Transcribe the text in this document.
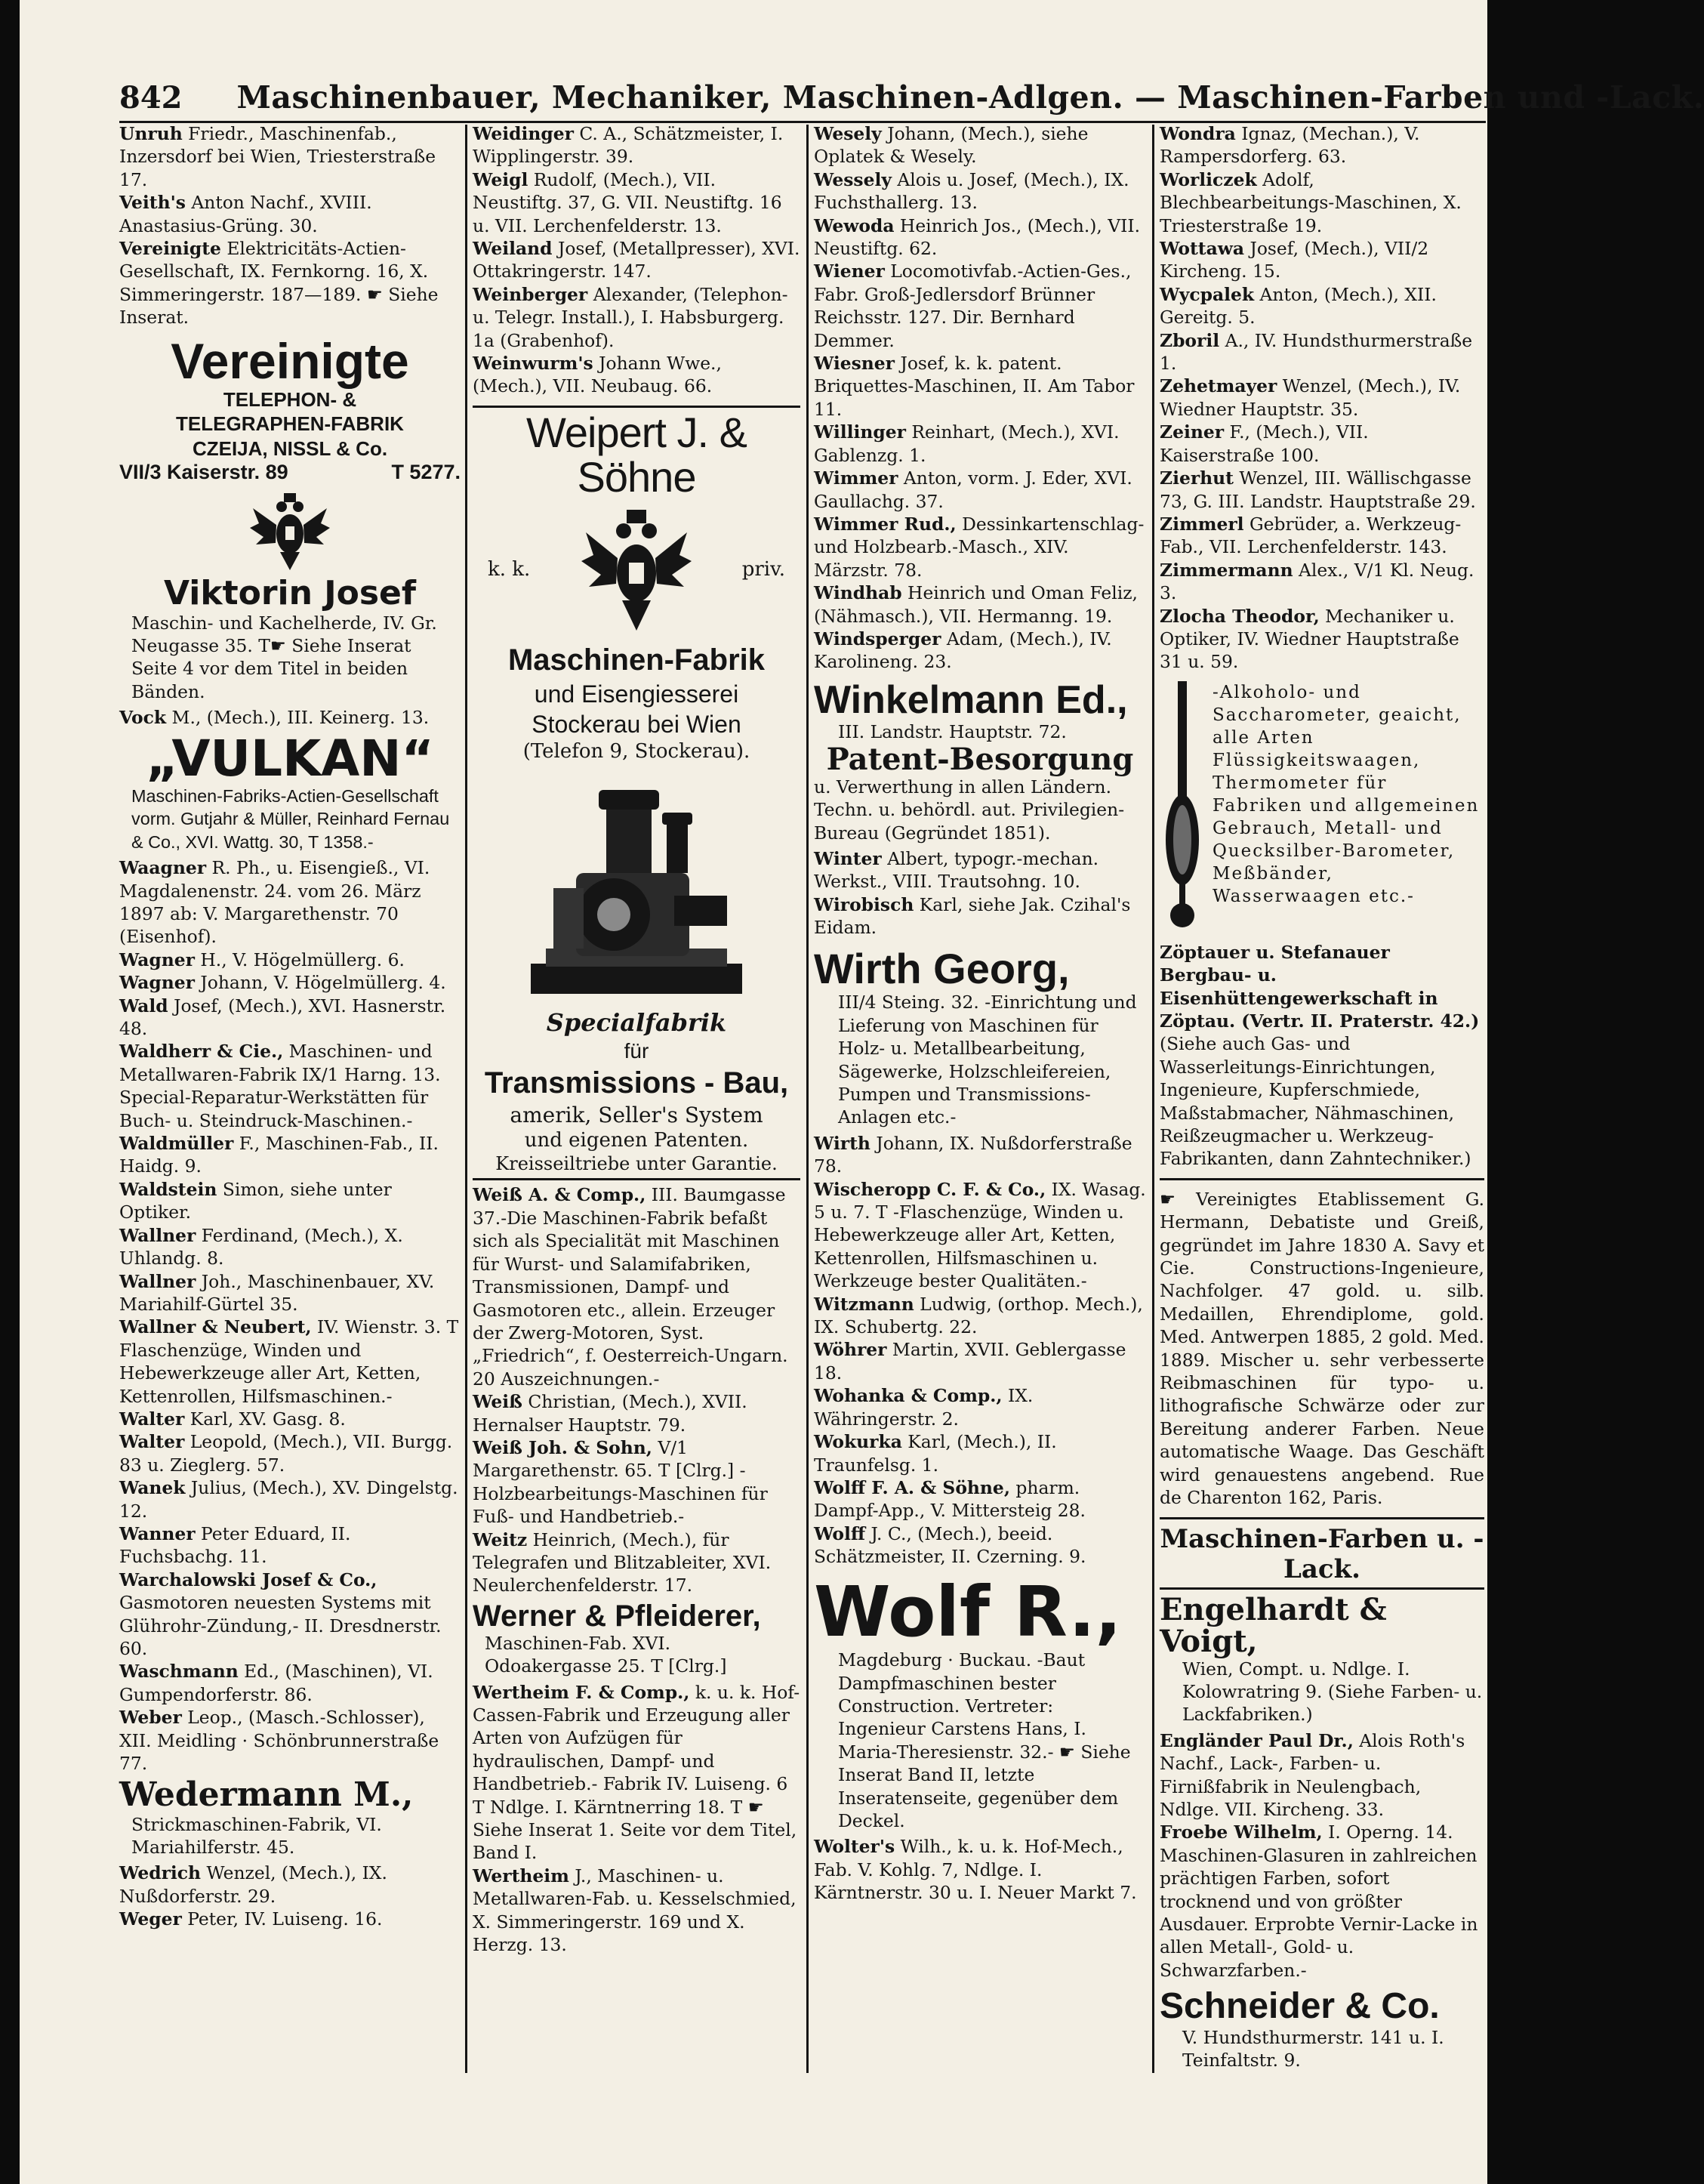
842 Maschinenbauer, Mechaniker, Maschinen-Adlgen. — Maschinen-Farben und -Lack.

Unruh Friedr., Maschinenfab., Inzersdorf bei Wien, Triesterstraße 17.

Veith's Anton Nachf., XVIII. Anastasius-Grüng. 30.

Vereinigte Elektricitäts-Actien-Gesellschaft, IX. Fernkorng. 16, X. Simmeringerstr. 187—189. ☛ Siehe Inserat.

Vereinigte
TELEPHON- &
TELEGRAPHEN-FABRIK
CZEIJA, NISSL & Co.
VII/3 Kaiserstr. 89	T 5277.
Viktorin Josef

Maschin- und Kachelherde, IV. Gr. Neugasse 35. T☛ Siehe Inserat Seite 4 vor dem Titel in beiden Bänden.

Vock M., (Mech.), III. Keinerg. 13.

„VULKAN“

Maschinen-Fabriks-Actien-Gesellschaft vorm. Gutjahr & Müller, Reinhard Fernau & Co., XVI. Wattg. 30, T 1358.-

Waagner R. Ph., u. Eisengieß., VI. Magdalenenstr. 24. vom 26. März 1897 ab: V. Margarethenstr. 70 (Eisenhof).

Wagner H., V. Högelmüllerg. 6.

Wagner Johann, V. Högelmüllerg. 4.

Wald Josef, (Mech.), XVI. Hasnerstr. 48.

Waldherr & Cie., Maschinen- und Metallwaren-Fabrik IX/1 Harng. 13. Special-Reparatur-Werkstätten für Buch- u. Steindruck-Maschinen.-

Waldmüller F., Maschinen-Fab., II. Haidg. 9.

Waldstein Simon, siehe unter Optiker.

Wallner Ferdinand, (Mech.), X. Uhlandg. 8.

Wallner Joh., Maschinenbauer, XV. Mariahilf-Gürtel 35.

Wallner & Neubert, IV. Wienstr. 3. T Flaschenzüge, Winden und Hebewerkzeuge aller Art, Ketten, Kettenrollen, Hilfsmaschinen.-

Walter Karl, XV. Gasg. 8.

Walter Leopold, (Mech.), VII. Burgg. 83 u. Zieglerg. 57.

Wanek Julius, (Mech.), XV. Dingelstg. 12.

Wanner Peter Eduard, II. Fuchsbachg. 11.

Warchalowski Josef & Co., Gasmotoren neuesten Systems mit Glührohr-Zündung,- II. Dresdnerstr. 60.

Waschmann Ed., (Maschinen), VI. Gumpendorferstr. 86.

Weber Leop., (Masch.-Schlosser), XII. Meidling · Schönbrunnerstraße 77.

Wedermann M.,

Strickmaschinen-Fabrik, VI. Mariahilferstr. 45.

Wedrich Wenzel, (Mech.), IX. Nußdorferstr. 29.

Weger Peter, IV. Luiseng. 16.

Weidinger C. A., Schätzmeister, I. Wipplingerstr. 39.

Weigl Rudolf, (Mech.), VII. Neustiftg. 37, G. VII. Neustiftg. 16 u. VII. Lerchenfelderstr. 13.

Weiland Josef, (Metallpresser), XVI. Ottakringerstr. 147.

Weinberger Alexander, (Telephon- u. Telegr. Install.), I. Habsburgerg. 1a (Grabenhof).

Weinwurm's Johann Wwe., (Mech.), VII. Neubaug. 66.

Weipert J. & Söhne
k. k.	priv.
Maschinen-Fabrik
und Eisengiesserei
Stockerau bei Wien
(Telefon 9, Stockerau).
Specialfabrik
für
Transmissions - Bau,
amerik, Seller's System
und eigenen Patenten.
Kreisseiltriebe unter Garantie.

Weiß A. & Comp., III. Baumgasse 37.-Die Maschinen-Fabrik befaßt sich als Specialität mit Maschinen für Wurst- und Salamifabriken, Transmissionen, Dampf- und Gasmotoren etc., allein. Erzeuger der Zwerg-Motoren, Syst. „Friedrich“, f. Oesterreich-Ungarn. 20 Auszeichnungen.-

Weiß Christian, (Mech.), XVII. Hernalser Hauptstr. 79.

Weiß Joh. & Sohn, V/1 Margarethenstr. 65. T [Clrg.] -Holzbearbeitungs-Maschinen für Fuß- und Handbetrieb.-

Weitz Heinrich, (Mech.), für Telegrafen und Blitzableiter, XVI. Neulerchenfelderstr. 17.

Werner & Pfleiderer,

Maschinen-Fab. XVI. Odoakergasse 25. T [Clrg.]

Wertheim F. & Comp., k. u. k. Hof-Cassen-Fabrik und Erzeugung aller Arten von Aufzügen für hydraulischen, Dampf- und Handbetrieb.- Fabrik IV. Luiseng. 6 T Ndlge. I. Kärntnerring 18. T ☛ Siehe Inserat 1. Seite vor dem Titel, Band I.

Wertheim J., Maschinen- u. Metallwaren-Fab. u. Kesselschmied, X. Simmeringerstr. 169 und X. Herzg. 13.

Wesely Johann, (Mech.), siehe Oplatek & Wesely.

Wessely Alois u. Josef, (Mech.), IX. Fuchsthallerg. 13.

Wewoda Heinrich Jos., (Mech.), VII. Neustiftg. 62.

Wiener Locomotivfab.-Actien-Ges., Fabr. Groß-Jedlersdorf Brünner Reichsstr. 127. Dir. Bernhard Demmer.

Wiesner Josef, k. k. patent. Briquettes-Maschinen, II. Am Tabor 11.

Willinger Reinhart, (Mech.), XVI. Gablenzg. 1.

Wimmer Anton, vorm. J. Eder, XVI. Gaullachg. 37.

Wimmer Rud., Dessinkartenschlag- und Holzbearb.-Masch., XIV. Märzstr. 78.

Windhab Heinrich und Oman Feliz, (Nähmasch.), VII. Hermanng. 19.

Windsperger Adam, (Mech.), IV. Karolineng. 23.

Winkelmann Ed.,

III. Landstr. Hauptstr. 72.

Patent-Besorgung

u. Verwerthung in allen Ländern. Techn. u. behördl. aut. Privilegien-Bureau (Gegründet 1851).

Winter Albert, typogr.-mechan. Werkst., VIII. Trautsohng. 10.

Wirobisch Karl, siehe Jak. Czihal's Eidam.

Wirth Georg,

III/4 Steing. 32. -Einrichtung und Lieferung von Maschinen für Holz- u. Metallbearbeitung, Sägewerke, Holzschleifereien, Pumpen und Transmissions-Anlagen etc.-

Wirth Johann, IX. Nußdorferstraße 78.

Wischeropp C. F. & Co., IX. Wasag. 5 u. 7. T -Flaschenzüge, Winden u. Hebewerkzeuge aller Art, Ketten, Kettenrollen, Hilfsmaschinen u. Werkzeuge bester Qualitäten.-

Witzmann Ludwig, (orthop. Mech.), IX. Schubertg. 22.

Wöhrer Martin, XVII. Geblergasse 18.

Wohanka & Comp., IX. Währingerstr. 2.

Wokurka Karl, (Mech.), II. Traunfelsg. 1.

Wolff F. A. & Söhne, pharm. Dampf-App., V. Mittersteig 28.

Wolff J. C., (Mech.), beeid. Schätzmeister, II. Czerning. 9.

Wolf R.,

Magdeburg · Buckau. -Baut Dampfmaschinen bester Construction. Vertreter: Ingenieur Carstens Hans, I. Maria-Theresienstr. 32.- ☛ Siehe Inserat Band II, letzte Inseratenseite, gegenüber dem Deckel.

Wolter's Wilh., k. u. k. Hof-Mech., Fab. V. Kohlg. 7, Ndlge. I. Kärntnerstr. 30 u. I. Neuer Markt 7.

Wondra Ignaz, (Mechan.), V. Rampersdorferg. 63.

Worliczek Adolf, Blechbearbeitungs-Maschinen, X. Triesterstraße 19.

Wottawa Josef, (Mech.), VII/2 Kircheng. 15.

Wycpalek Anton, (Mech.), XII. Gereitg. 5.

Zboril A., IV. Hundsthurmerstraße 1.

Zehetmayer Wenzel, (Mech.), IV. Wiedner Hauptstr. 35.

Zeiner F., (Mech.), VII. Kaiserstraße 100.

Zierhut Wenzel, III. Wällischgasse 73, G. III. Landstr. Hauptstraße 29.

Zimmerl Gebrüder, a. Werkzeug-Fab., VII. Lerchenfelderstr. 143.

Zimmermann Alex., V/1 Kl. Neug. 3.

Zlocha Theodor, Mechaniker u. Optiker, IV. Wiedner Hauptstraße 31 u. 59.

-Alkoholo- und Saccharometer, geaicht, alle Arten Flüssigkeitswaagen, Thermometer für Fabriken und allgemeinen Gebrauch, Metall- und Quecksilber-Barometer, Meßbänder, Wasserwaagen etc.-

Zöptauer u. Stefanauer Bergbau- u. Eisenhüttengewerkschaft in Zöptau. (Vertr. II. Praterstr. 42.) (Siehe auch Gas- und Wasserleitungs-Einrichtungen, Ingenieure, Kupferschmiede, Maßstabmacher, Nähmaschinen, Reißzeugmacher u. Werkzeug-Fabrikanten, dann Zahntechniker.)

☛ Vereinigtes Etablissement G. Hermann, Debatiste und Greiß, gegründet im Jahre 1830 A. Savy et Cie. Constructions-Ingenieure, Nachfolger. 47 gold. u. silb. Medaillen, Ehrendiplome, gold. Med. Antwerpen 1885, 2 gold. Med. 1889. Mischer u. sehr verbesserte Reibmaschinen für typo- u. lithografische Schwärze oder zur Bereitung anderer Farben. Neue automatische Waage. Das Geschäft wird genauestens angebend. Rue de Charenton 162, Paris.

Maschinen-Farben u. -Lack.
Engelhardt & Voigt,

Wien, Compt. u. Ndlge. I. Kolowratring 9. (Siehe Farben- u. Lackfabriken.)

Engländer Paul Dr., Alois Roth's Nachf., Lack-, Farben- u. Firnißfabrik in Neulengbach, Ndlge. VII. Kircheng. 33.

Froebe Wilhelm, I. Operng. 14. Maschinen-Glasuren in zahlreichen prächtigen Farben, sofort trocknend und von größter Ausdauer. Erprobte Vernir-Lacke in allen Metall-, Gold- u. Schwarzfarben.-

Schneider & Co.

V. Hundsthurmerstr. 141 u. I. Teinfaltstr. 9.
